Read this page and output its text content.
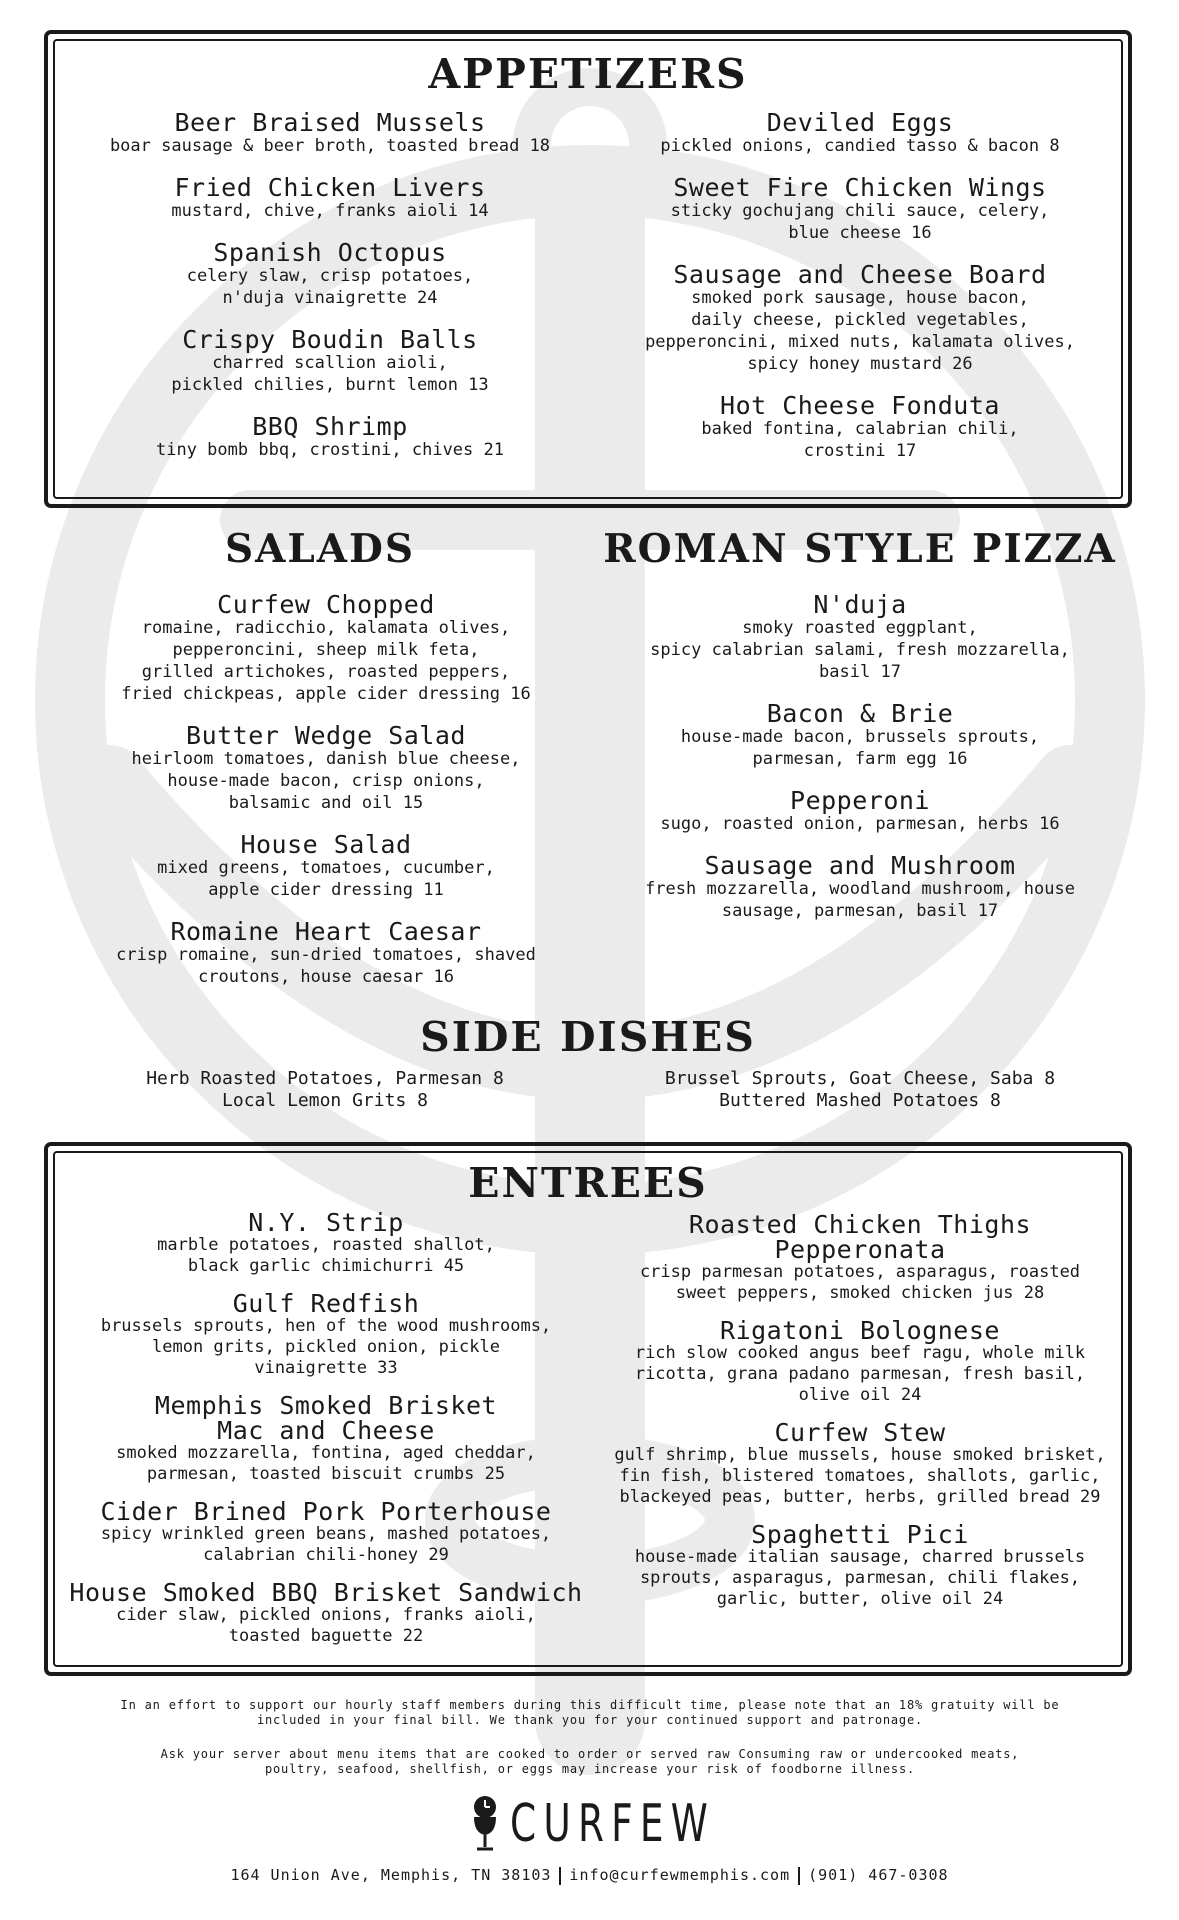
APPETIZERS
Beer Braised Mussels
boar sausage & beer broth, toasted bread 18
Fried Chicken Livers
mustard, chive, franks aioli 14
Spanish Octopus
celery slaw, crisp potatoes,
n'duja vinaigrette 24
Crispy Boudin Balls
charred scallion aioli,
pickled chilies, burnt lemon 13
BBQ Shrimp
tiny bomb bbq, crostini, chives 21
Deviled Eggs
pickled onions, candied tasso & bacon 8
Sweet Fire Chicken Wings
sticky gochujang chili sauce, celery,
blue cheese 16
Sausage and Cheese Board
smoked pork sausage, house bacon,
daily cheese, pickled vegetables,
pepperoncini, mixed nuts, kalamata olives,
spicy honey mustard 26
Hot Cheese Fonduta
baked fontina, calabrian chili,
crostini 17
SALADS	ROMAN STYLE PIZZA
Curfew Chopped
romaine, radicchio, kalamata olives,
pepperoncini, sheep milk feta,
grilled artichokes, roasted peppers,
fried chickpeas, apple cider dressing 16
Butter Wedge Salad
heirloom tomatoes, danish blue cheese,
house-made bacon, crisp onions,
balsamic and oil 15
House Salad
mixed greens, tomatoes, cucumber,
apple cider dressing 11
Romaine Heart Caesar
crisp romaine, sun-dried tomatoes, shaved
croutons, house caesar 16
N'duja
smoky roasted eggplant,
spicy calabrian salami, fresh mozzarella,
basil 17
Bacon & Brie
house-made bacon, brussels sprouts,
parmesan, farm egg 16
Pepperoni
sugo, roasted onion, parmesan, herbs 16
Sausage and Mushroom
fresh mozzarella, woodland mushroom, house
sausage, parmesan, basil 17
SIDE DISHES
Herb Roasted Potatoes, Parmesan 8
Local Lemon Grits 8
Brussel Sprouts, Goat Cheese, Saba 8
Buttered Mashed Potatoes 8
ENTREES
N.Y. Strip
marble potatoes, roasted shallot,
black garlic chimichurri 45
Gulf Redfish
brussels sprouts, hen of the wood mushrooms,
lemon grits, pickled onion, pickle
vinaigrette 33
Memphis Smoked Brisket
Mac and Cheese
smoked mozzarella, fontina, aged cheddar,
parmesan, toasted biscuit crumbs 25
Cider Brined Pork Porterhouse
spicy wrinkled green beans, mashed potatoes,
calabrian chili-honey 29
House Smoked BBQ Brisket Sandwich
cider slaw, pickled onions, franks aioli,
toasted baguette 22
Roasted Chicken Thighs
Pepperonata
crisp parmesan potatoes, asparagus, roasted
sweet peppers, smoked chicken jus 28
Rigatoni Bolognese
rich slow cooked angus beef ragu, whole milk
ricotta, grana padano parmesan, fresh basil,
olive oil 24
Curfew Stew
gulf shrimp, blue mussels, house smoked brisket,
fin fish, blistered tomatoes, shallots, garlic,
blackeyed peas, butter, herbs, grilled bread 29
Spaghetti Pici
house-made italian sausage, charred brussels
sprouts, asparagus, parmesan, chili flakes,
garlic, butter, olive oil 24
In an effort to support our hourly staff members during this difficult time, please note that an 18% gratuity will be
included in your final bill. We thank you for your continued support and patronage.
Ask your server about menu items that are cooked to order or served raw Consuming raw or undercooked meats,
poultry, seafood, shellfish, or eggs may increase your risk of foodborne illness.
CURFEW
164 Union Ave, Memphis, TN 38103 info@curfewmemphis.com (901) 467-0308
